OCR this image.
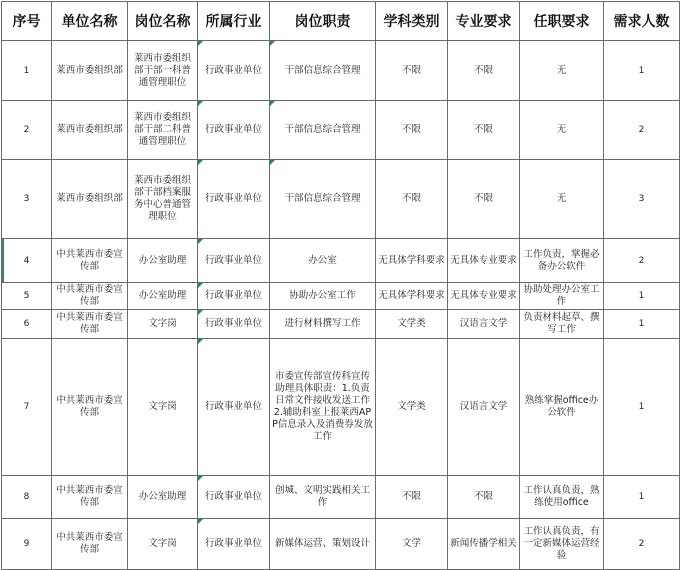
序号	单位名称	岗位名称	所属行业	岗位职责	学科类别	专业要求	任职要求	需求人数
1	莱西市委组织部	莱西市委组织部干部一科普通管理职位	行政事业单位	干部信息综合管理	不限	不限	无	1
2	莱西市委组织部	莱西市委组织部干部二科普通管理职位	行政事业单位	干部信息综合管理	不限	不限	无	2
3	莱西市委组织部	莱西市委组织部干部档案服务中心普通管理职位	行政事业单位	干部信息综合管理	不限	不限	无	3
4	中共莱西市委宣传部	办公室助理	行政事业单位	办公室	无具体学科要求	无具体专业要求	工作负责，掌握必备办公软件	2
5	中共莱西市委宣传部	办公室助理	行政事业单位	协助办公室工作	无具体学科要求	无具体专业要求	协助处理办公室工作	1
6	中共莱西市委宣传部	文字岗	行政事业单位	进行材料撰写工作	文学类	汉语言文学	负责材料起草、撰写工作	1
7	中共莱西市委宣传部	文字岗	行政事业单位	市委宣传部宣传科宣传助理具体职责：1.负责日常文件接收发送工作2.辅助科室上报莱西APP信息录入及消费券发放工作	文学类	汉语言文学	熟练掌握office办公软件	1
8	中共莱西市委宣传部	办公室助理	行政事业单位	创城、文明实践相关工作	不限	不限	工作认真负责，熟练使用office	1
9	中共莱西市委宣传部	文字岗	行政事业单位	新媒体运营、策划设计	文学	新闻传播学相关	工作认真负责，有一定新媒体运营经验	2
